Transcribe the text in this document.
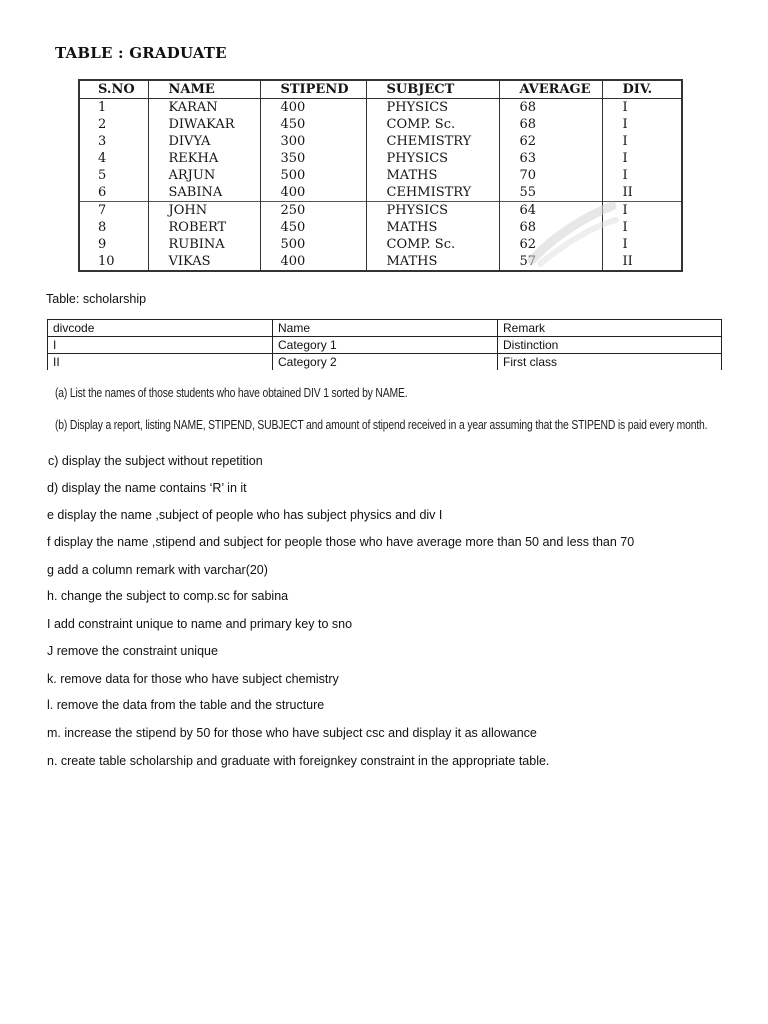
TABLE : GRADUATE
S.NO	NAME	STIPEND	SUBJECT	AVERAGE	DIV.
1	KARAN	400	PHYSICS	68	I
2	DIWAKAR	450	COMP. Sc.	68	I
3	DIVYA	300	CHEMISTRY	62	I
4	REKHA	350	PHYSICS	63	I
5	ARJUN	500	MATHS	70	I
6	SABINA	400	CEHMISTRY	55	II
7	JOHN	250	PHYSICS	64	I
8	ROBERT	450	MATHS	68	I
9	RUBINA	500	COMP. Sc.	62	I
10	VIKAS	400	MATHS	57	II
Table: scholarship
divcode	Name	Remark
I	Category 1	Distinction
II	Category 2	First class
(a) List the names of those students who have obtained DIV 1 sorted by NAME.
(b) Display a report, listing NAME, STIPEND, SUBJECT and amount of stipend received in a year assuming that the STIPEND is paid every month.
c) display the subject without repetition
d) display the name contains ‘R’ in it
e display the name ,subject of people who has subject physics and div I
f display the name ,stipend and subject for people those who have average more than 50 and less than 70
g add a column remark with varchar(20)
h. change the subject to comp.sc for sabina
I add constraint unique to name and primary key to sno
J remove the constraint unique
k. remove data for those who have subject chemistry
l. remove the data from the table and the structure
m. increase the stipend by 50 for those who have subject csc and display it as allowance
n. create table scholarship and graduate with foreignkey constraint in the appropriate table.
